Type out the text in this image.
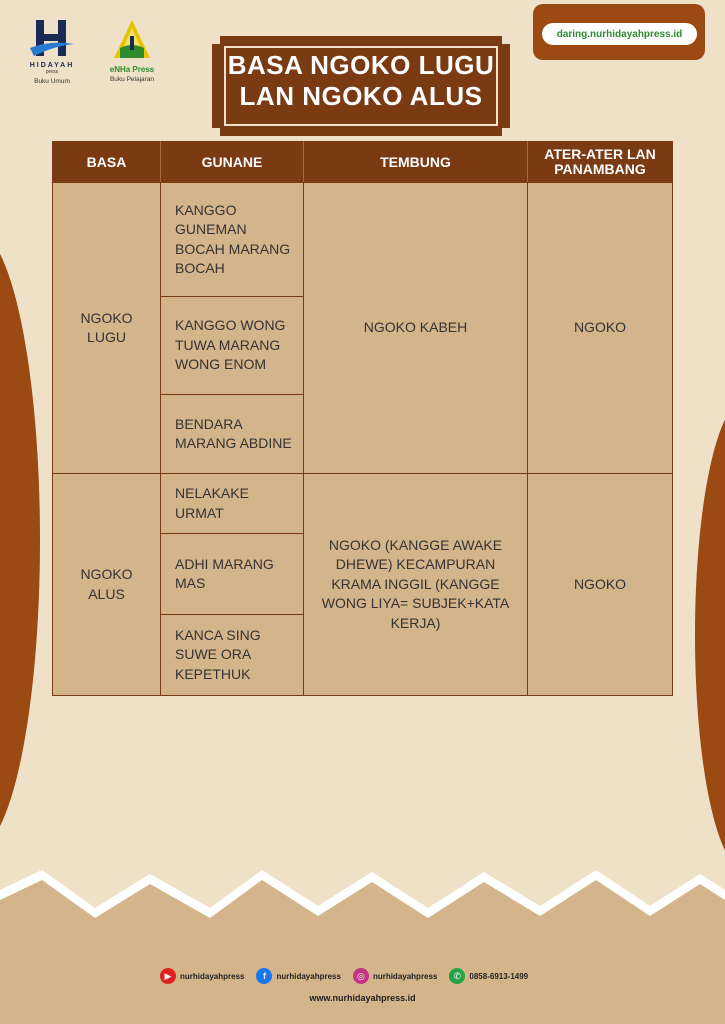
HIDAYAH
press
Buku Umum
eNHa Press
Buku Pelajaran
daring.nurhidayahpress.id
BASA NGOKO LUGU
LAN NGOKO ALUS
BASA	GUNANE	TEMBUNG	ATER-ATER LAN PANAMBANG
NGOKO LUGU	KANGGO GUNEMAN BOCAH MARANG BOCAH	NGOKO KABEH	NGOKO
	KANGGO WONG TUWA MARANG WONG ENOM		
	BENDARA MARANG ABDINE		
NGOKO ALUS	NELAKAKE URMAT	NGOKO (KANGGE AWAKE DHEWE) KECAMPURAN KRAMA INGGIL (KANGGE WONG LIYA= SUBJEK+KATA KERJA)	NGOKO
	ADHI MARANG MAS		
	KANCA SING SUWE ORA KEPETHUK		
▶	nurhidayahpress	f	nurhidayahpress	◎	nurhidayahpress	✆	0858-6913-1499
www.nurhidayahpress.id
